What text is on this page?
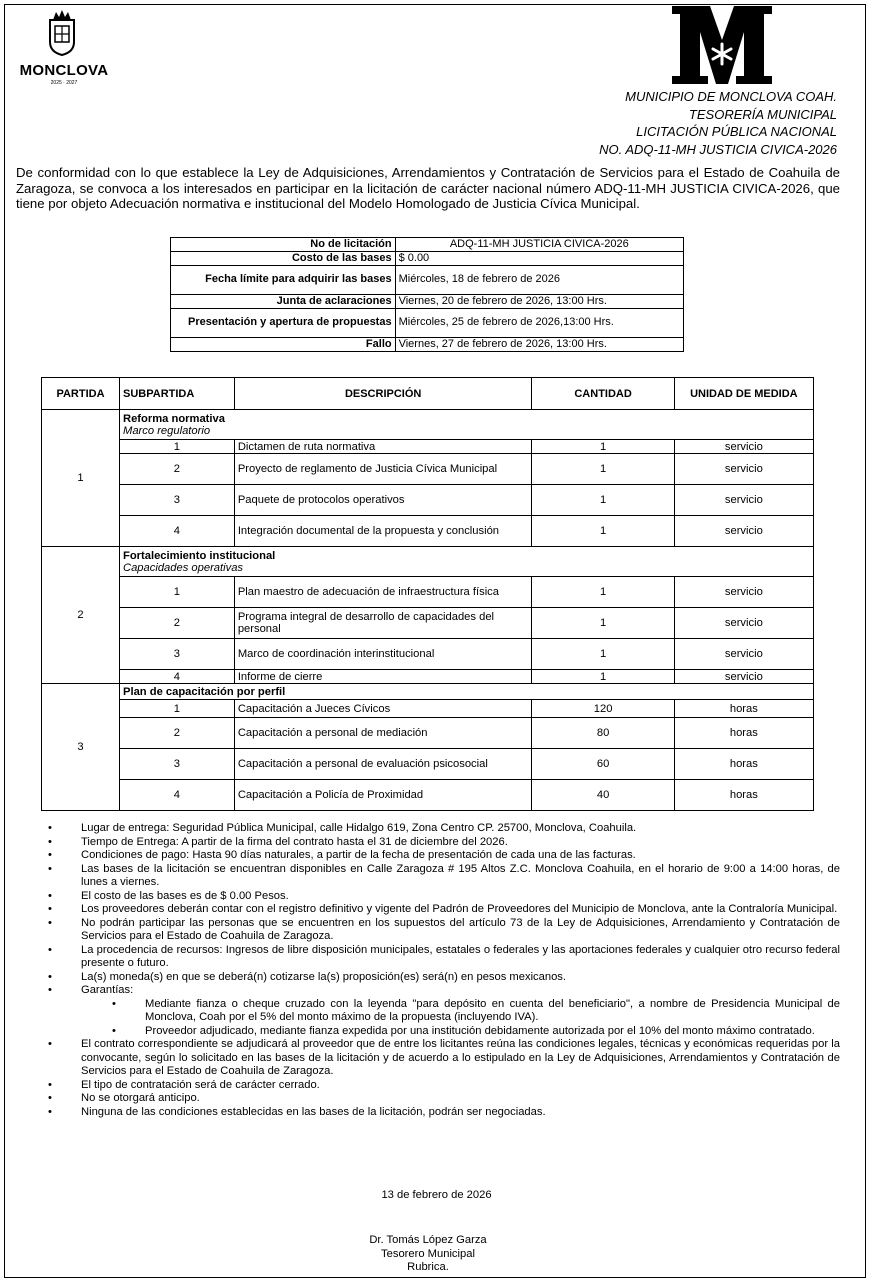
MONCLOVA
2025 · 2027
MUNICIPIO DE MONCLOVA COAH.
TESORERÍA MUNICIPAL
LICITACIÓN PÚBLICA NACIONAL
NO. ADQ-11-MH JUSTICIA CIVICA-2026
De conformidad con lo que establece la Ley de Adquisiciones, Arrendamientos y Contratación de Servicios para el Estado de Coahuila de Zaragoza, se convoca a los interesados en participar en la licitación de carácter nacional número ADQ-11-MH JUSTICIA CIVICA-2026, que tiene por objeto Adecuación normativa e institucional del Modelo Homologado de Justicia Cívica Municipal.
No de licitación	ADQ-11-MH JUSTICIA CIVICA-2026
Costo de las bases	$ 0.00
Fecha límite para adquirir las bases	Miércoles, 18 de febrero de 2026
Junta de aclaraciones	Viernes, 20 de febrero de 2026, 13:00 Hrs.
Presentación y apertura de propuestas	Miércoles, 25 de febrero de 2026,13:00 Hrs.
Fallo	Viernes, 27 de febrero de 2026, 13:00 Hrs.
PARTIDA	SUBPARTIDA	DESCRIPCIÓN	CANTIDAD	UNIDAD DE MEDIDA
1	Reforma normativa
Marco regulatorio			

	1	Dictamen de ruta normativa	1	servicio
	2	Proyecto de reglamento de Justicia Cívica Municipal	1	servicio
	3	Paquete de protocolos operativos	1	servicio
	4	Integración documental de la propuesta y conclusión	1	servicio
2	Fortalecimiento institucional
Capacidades operativas			

	1	Plan maestro de adecuación de infraestructura física	1	servicio
	2	Programa integral de desarrollo de capacidades del personal	1	servicio
	3	Marco de coordinación interinstitucional	1	servicio
	4	Informe de cierre	1	servicio
3	Plan de capacitación por perfil			
	1	Capacitación a Jueces Cívicos	120	horas
	2	Capacitación a personal de mediación	80	horas
	3	Capacitación a personal de evaluación psicosocial	60	horas
	4	Capacitación a Policía de Proximidad	40	horas
• Lugar de entrega: Seguridad Pública Municipal, calle Hidalgo 619, Zona Centro CP. 25700, Monclova, Coahuila.
• Tiempo de Entrega: A partir de la firma del contrato hasta el 31 de diciembre del 2026.
• Condiciones de pago: Hasta 90 días naturales, a partir de la fecha de presentación de cada una de las facturas.
• Las bases de la licitación se encuentran disponibles en Calle Zaragoza # 195 Altos Z.C. Monclova Coahuila, en el horario de 9:00 a 14:00 horas, de lunes a viernes.
• El costo de las bases es de $ 0.00 Pesos.
• Los proveedores deberán contar con el registro definitivo y vigente del Padrón de Proveedores del Municipio de Monclova, ante la Contraloría Municipal.
• No podrán participar las personas que se encuentren en los supuestos del artículo 73 de la Ley de Adquisiciones, Arrendamiento y Contratación de Servicios para el Estado de Coahuila de Zaragoza.
• La procedencia de recursos: Ingresos de libre disposición municipales, estatales o federales y las aportaciones federales y cualquier otro recurso federal presente o futuro.
• La(s) moneda(s) en que se deberá(n) cotizarse la(s) proposición(es) será(n) en pesos mexicanos.
• Garantías:
• Mediante fianza o cheque cruzado con la leyenda "para depósito en cuenta del beneficiario", a nombre de Presidencia Municipal de Monclova, Coah por el 5% del monto máximo de la propuesta (incluyendo IVA).
• Proveedor adjudicado, mediante fianza expedida por una institución debidamente autorizada por el 10% del monto máximo contratado.
• El contrato correspondiente se adjudicará al proveedor que de entre los licitantes reúna las condiciones legales, técnicas y económicas requeridas por la convocante, según lo solicitado en las bases de la licitación y de acuerdo a lo estipulado en la Ley de Adquisiciones, Arrendamientos y Contratación de Servicios para el Estado de Coahuila de Zaragoza.
• El tipo de contratación será de carácter cerrado.
• No se otorgará anticipo.
• Ninguna de las condiciones establecidas en las bases de la licitación, podrán ser negociadas.
13 de febrero de 2026
Dr. Tomás López Garza
Tesorero Municipal
Rubrica.
